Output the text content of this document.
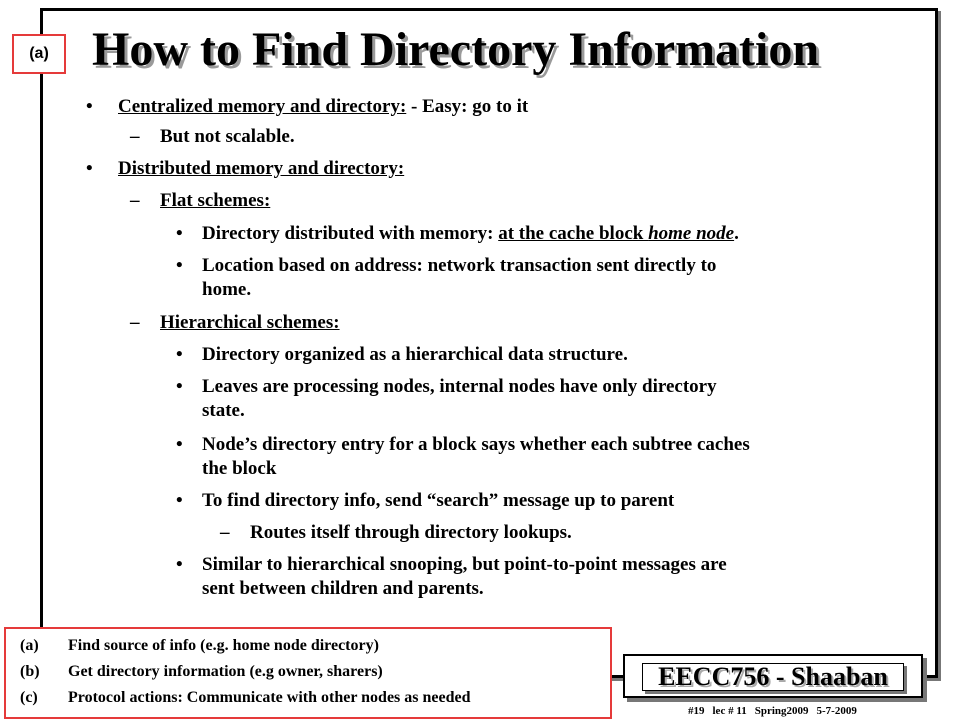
(a) How to Find Directory Information
• Centralized memory and directory: - Easy: go to it
– But not scalable.
• Distributed memory and directory:
– Flat schemes:
• Directory distributed with memory: at the cache block home node.
• Location based on address: network transaction sent directly to
home.
– Hierarchical schemes:
• Directory organized as a hierarchical data structure.
• Leaves are processing nodes, internal nodes have only directory
state.
• Node’s directory entry for a block says whether each subtree caches
the block
• To find directory info, send “search” message up to parent
– Routes itself through directory lookups.
• Similar to hierarchical snooping, but point-to-point messages are
sent between children and parents.
(a) Find source of info (e.g. home node directory)
(b) Get directory information (e.g owner, sharers)
(c) Protocol actions: Communicate with other nodes as needed
EECC756 - Shaaban
#19 lec # 11 Spring2009 5-7-2009
